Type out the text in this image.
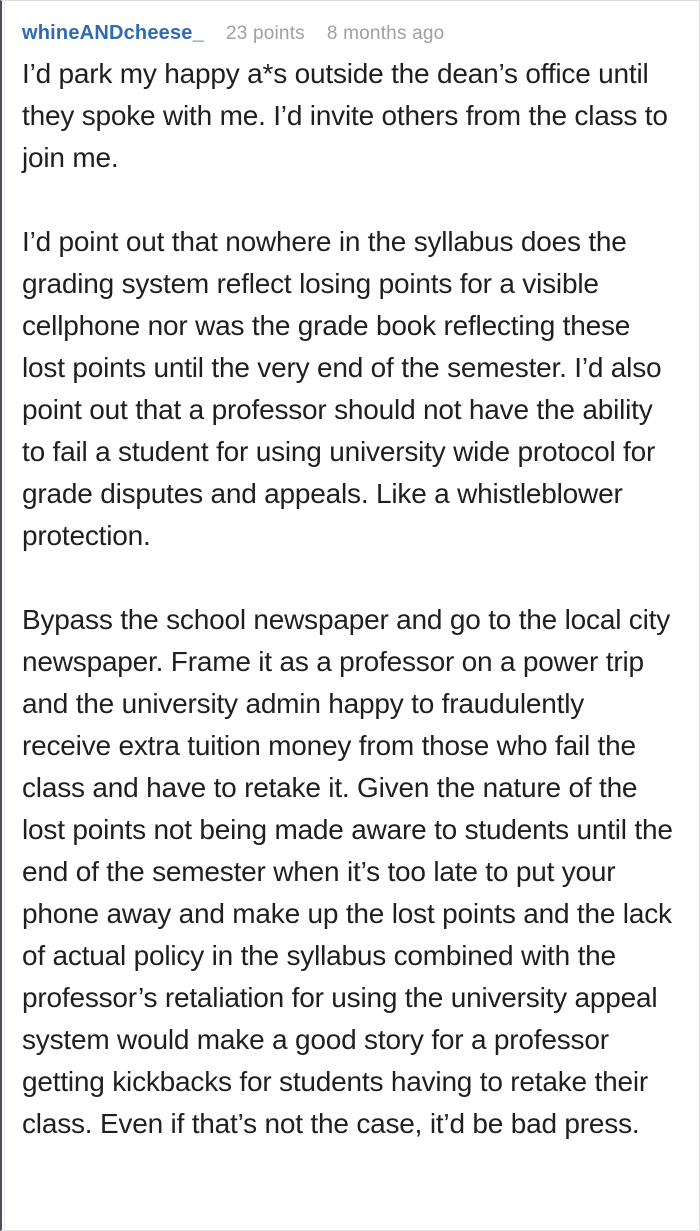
whineANDcheese_ 23 points 8 months ago

I’d park my happy a*s outside the dean’s office until they spoke with me. I’d invite others from the class to join me.

I’d point out that nowhere in the syllabus does the grading system reflect losing points for a visible cellphone nor was the grade book reflecting these lost points until the very end of the semester. I’d also point out that a professor should not have the ability to fail a student for using university wide protocol for grade disputes and appeals. Like a whistleblower protection.

Bypass the school newspaper and go to the local city newspaper. Frame it as a professor on a power trip and the university admin happy to fraudulently receive extra tuition money from those who fail the class and have to retake it. Given the nature of the lost points not being made aware to students until the end of the semester when it’s too late to put your phone away and make up the lost points and the lack of actual policy in the syllabus combined with the professor’s retaliation for using the university appeal system would make a good story for a professor getting kickbacks for students having to retake their class. Even if that’s not the case, it’d be bad press.
